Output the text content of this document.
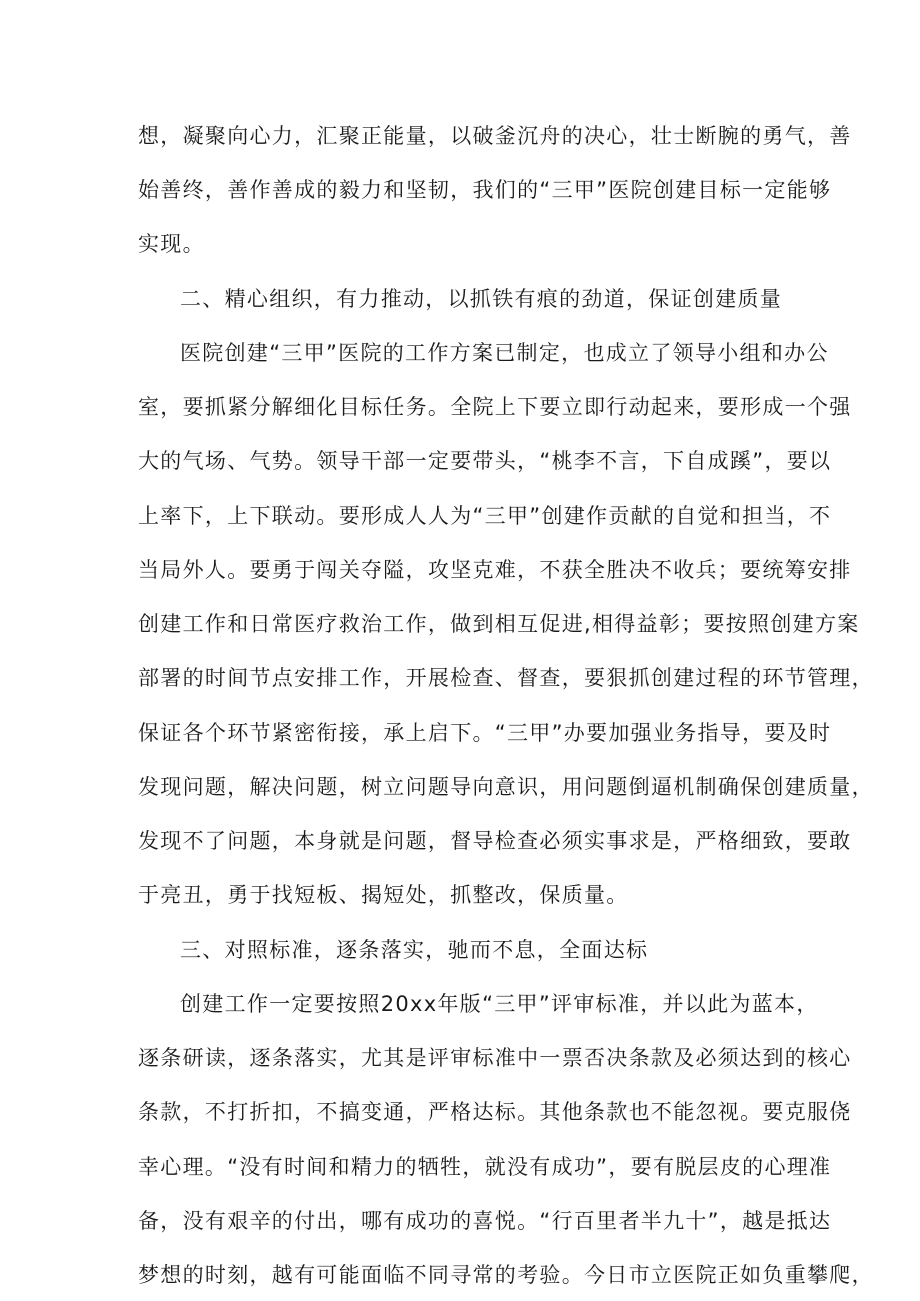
想，凝聚向心力，汇聚正能量，以破釜沉舟的决心，壮士断腕的勇气，善
始善终，善作善成的毅力和坚韧，我们的“三甲”医院创建目标一定能够
实现。
二、精心组织，有力推动，以抓铁有痕的劲道，保证创建质量
医院创建“三甲”医院的工作方案已制定，也成立了领导小组和办公
室，要抓紧分解细化目标任务。全院上下要立即行动起来，要形成一个强
大的气场、气势。领导干部一定要带头，“桃李不言，下自成蹊”，要以
上率下，上下联动。要形成人人为“三甲”创建作贡献的自觉和担当，不
当局外人。要勇于闯关夺隘，攻坚克难，不获全胜决不收兵；要统筹安排
创建工作和日常医疗救治工作，做到相互促进,相得益彰；要按照创建方案
部署的时间节点安排工作，开展检查、督查，要狠抓创建过程的环节管理，
保证各个环节紧密衔接，承上启下。“三甲”办要加强业务指导，要及时
发现问题，解决问题，树立问题导向意识，用问题倒逼机制确保创建质量，
发现不了问题，本身就是问题，督导检查必须实事求是，严格细致，要敢
于亮丑，勇于找短板、揭短处，抓整改，保质量。
三、对照标准，逐条落实，驰而不息，全面达标
创建工作一定要按照20xx年版“三甲”评审标准，并以此为蓝本，
逐条研读，逐条落实，尤其是评审标准中一票否决条款及必须达到的核心
条款，不打折扣，不搞变通，严格达标。其他条款也不能忽视。要克服侥
幸心理。“没有时间和精力的牺牲，就没有成功”，要有脱层皮的心理准
备，没有艰辛的付出，哪有成功的喜悦。“行百里者半九十”，越是抵达
梦想的时刻，越有可能面临不同寻常的考验。今日市立医院正如负重攀爬，
